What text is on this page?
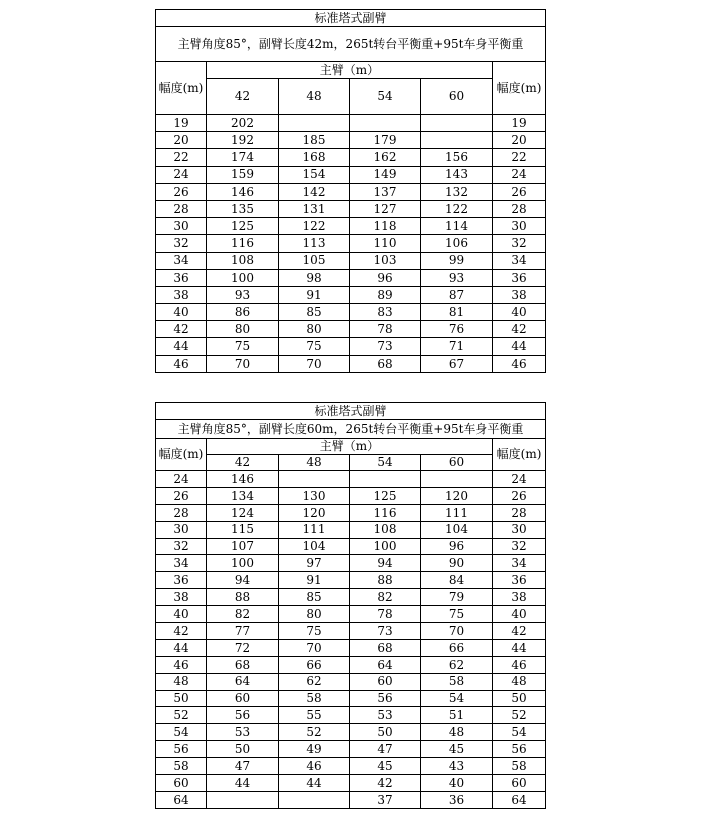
标准塔式副臂					
主臂角度85°，副臂长度42m，265t转台平衡重+95t车身平衡重					
幅度(m)	主臂（m）				幅度(m)
	42	48	54	60	
19	202				19
20	192	185	179		20
22	174	168	162	156	22
24	159	154	149	143	24
26	146	142	137	132	26
28	135	131	127	122	28
30	125	122	118	114	30
32	116	113	110	106	32
34	108	105	103	99	34
36	100	98	96	93	36
38	93	91	89	87	38
40	86	85	83	81	40
42	80	80	78	76	42
44	75	75	73	71	44
46	70	70	68	67	46
标准塔式副臂					
主臂角度85°，副臂长度60m，265t转台平衡重+95t车身平衡重					
幅度(m)	主臂（m）				幅度(m)
	42	48	54	60	
24	146				24
26	134	130	125	120	26
28	124	120	116	111	28
30	115	111	108	104	30
32	107	104	100	96	32
34	100	97	94	90	34
36	94	91	88	84	36
38	88	85	82	79	38
40	82	80	78	75	40
42	77	75	73	70	42
44	72	70	68	66	44
46	68	66	64	62	46
48	64	62	60	58	48
50	60	58	56	54	50
52	56	55	53	51	52
54	53	52	50	48	54
56	50	49	47	45	56
58	47	46	45	43	58
60	44	44	42	40	60
64			37	36	64
